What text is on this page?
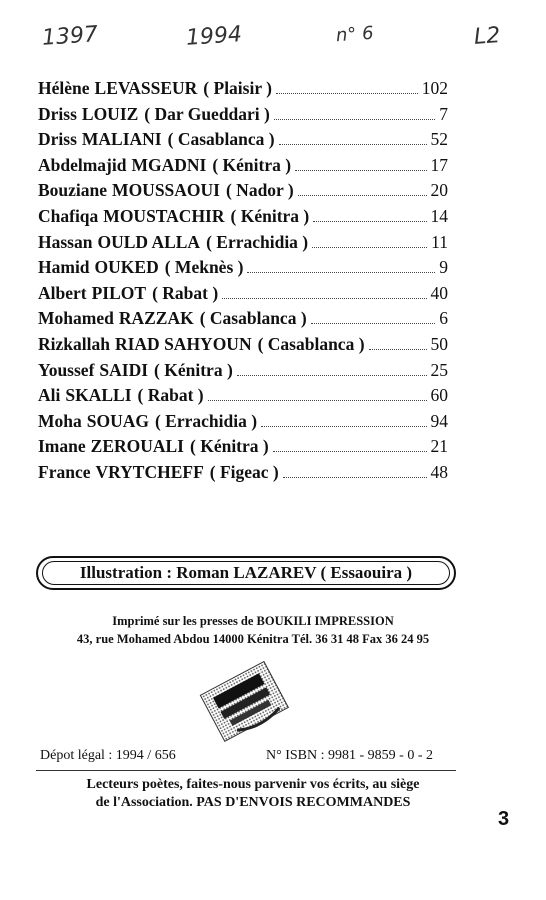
1397	1994	n° 6	L2
Hélène LEVASSEUR ( Plaisir )	102
Driss LOUIZ ( Dar Gueddari )	7
Driss MALIANI ( Casablanca )	52
Abdelmajid MGADNI ( Kénitra )	17
Bouziane MOUSSAOUI ( Nador )	20
Chafiqa MOUSTACHIR ( Kénitra )	14
Hassan OULD ALLA ( Errachidia )	11
Hamid OUKED ( Meknès )	9
Albert PILOT ( Rabat )	40
Mohamed RAZZAK ( Casablanca )	6
Rizkallah RIAD SAHYOUN ( Casablanca )	50
Youssef SAIDI ( Kénitra )	25
Ali SKALLI ( Rabat )	60
Moha SOUAG ( Errachidia )	94
Imane ZEROUALI ( Kénitra )	21
France VRYTCHEFF ( Figeac )	48
Illustration : Roman LAZAREV ( Essaouira )
Imprimé sur les presses de BOUKILI IMPRESSION
43, rue Mohamed Abdou 14000 Kénitra Tél. 36 31 48 Fax 36 24 95
Dépot légal : 1994 / 656	N° ISBN : 9981 - 9859 - 0 - 2
Lecteurs poètes, faites-nous parvenir vos écrits, au siège
de l'Association. PAS D'ENVOIS RECOMMANDES
3
